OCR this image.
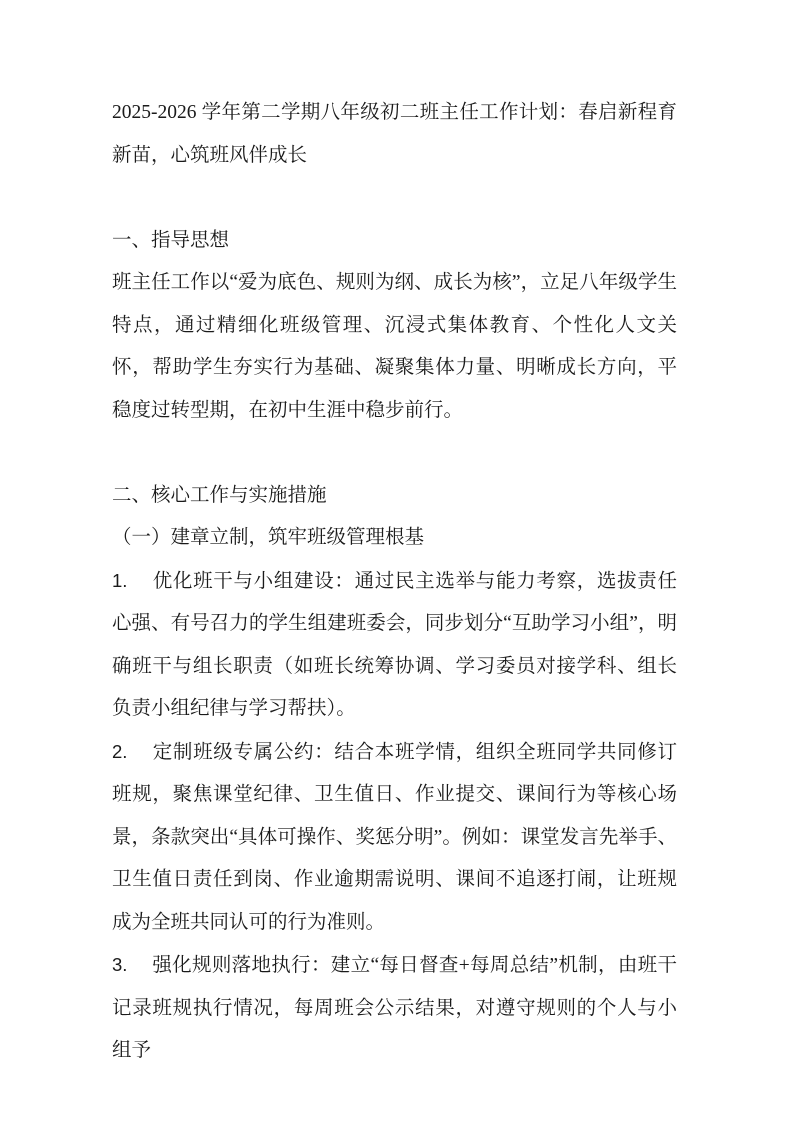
2025-2026 学年第二学期八年级初二班主任工作计划：春启新程育新苗，心筑班风伴成长

一、指导思想

班主任工作以“爱为底色、规则为纲、成长为核”，立足八年级学生特点，通过精细化班级管理、沉浸式集体教育、个性化人文关怀，帮助学生夯实行为基础、凝聚集体力量、明晰成长方向，平稳度过转型期，在初中生涯中稳步前行。

二、核心工作与实施措施

（一）建章立制，筑牢班级管理根基

1. 优化班干与小组建设：通过民主选举与能力考察，选拔责任心强、有号召力的学生组建班委会，同步划分“互助学习小组”，明确班干与组长职责（如班长统筹协调、学习委员对接学科、组长负责小组纪律与学习帮扶）。

2. 定制班级专属公约：结合本班学情，组织全班同学共同修订班规，聚焦课堂纪律、卫生值日、作业提交、课间行为等核心场景，条款突出“具体可操作、奖惩分明”。例如：课堂发言先举手、卫生值日责任到岗、作业逾期需说明、课间不追逐打闹，让班规成为全班共同认可的行为准则。

3. 强化规则落地执行：建立“每日督查+每周总结”机制，由班干记录班规执行情况，每周班会公示结果，对遵守规则的个人与小组予
